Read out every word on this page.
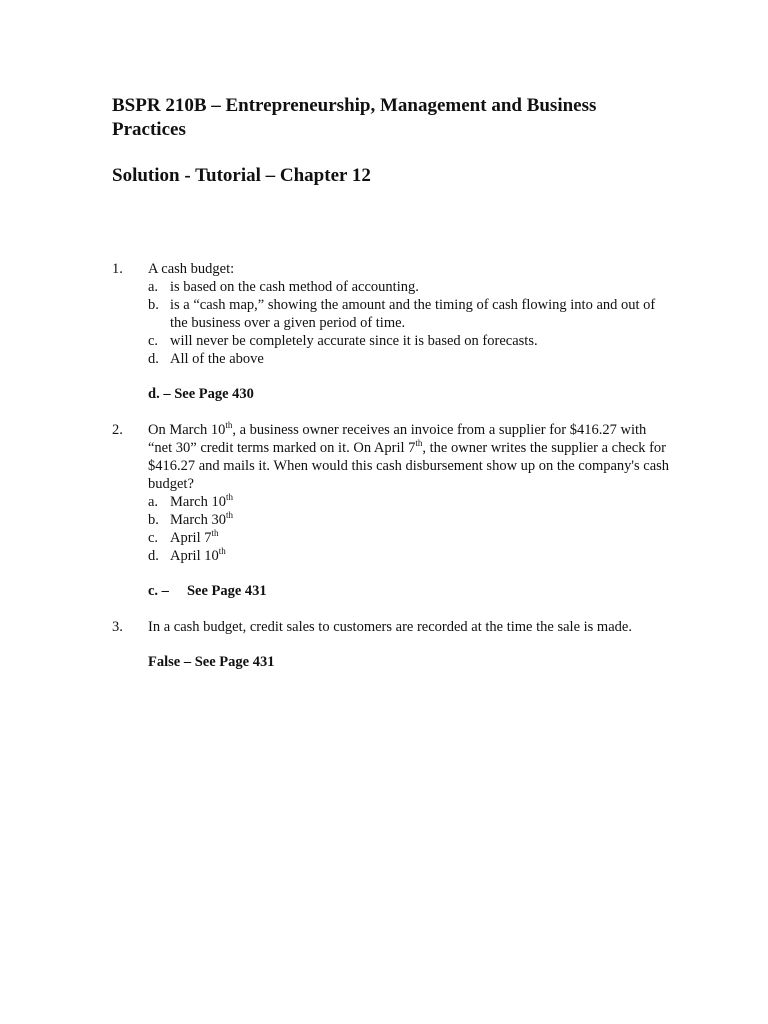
BSPR 210B – Entrepreneurship, Management and Business Practices
Solution - Tutorial – Chapter 12
1.	A cash budget:
a. is based on the cash method of accounting.
b. is a “cash map,” showing the amount and the timing of cash flowing into and out of the business over a given period of time.
c. will never be completely accurate since it is based on forecasts.
d. All of the above
d. – See Page 430
2.	On March 10th, a business owner receives an invoice from a supplier for $416.27 with “net 30” credit terms marked on it. On April 7th, the owner writes the supplier a check for $416.27 and mails it. When would this cash disbursement show up on the company's cash budget?
a. March 10th
b. March 30th
c. April 7th
d. April 10th
c. – See Page 431
3.	In a cash budget, credit sales to customers are recorded at the time the sale is made.
False – See Page 431
